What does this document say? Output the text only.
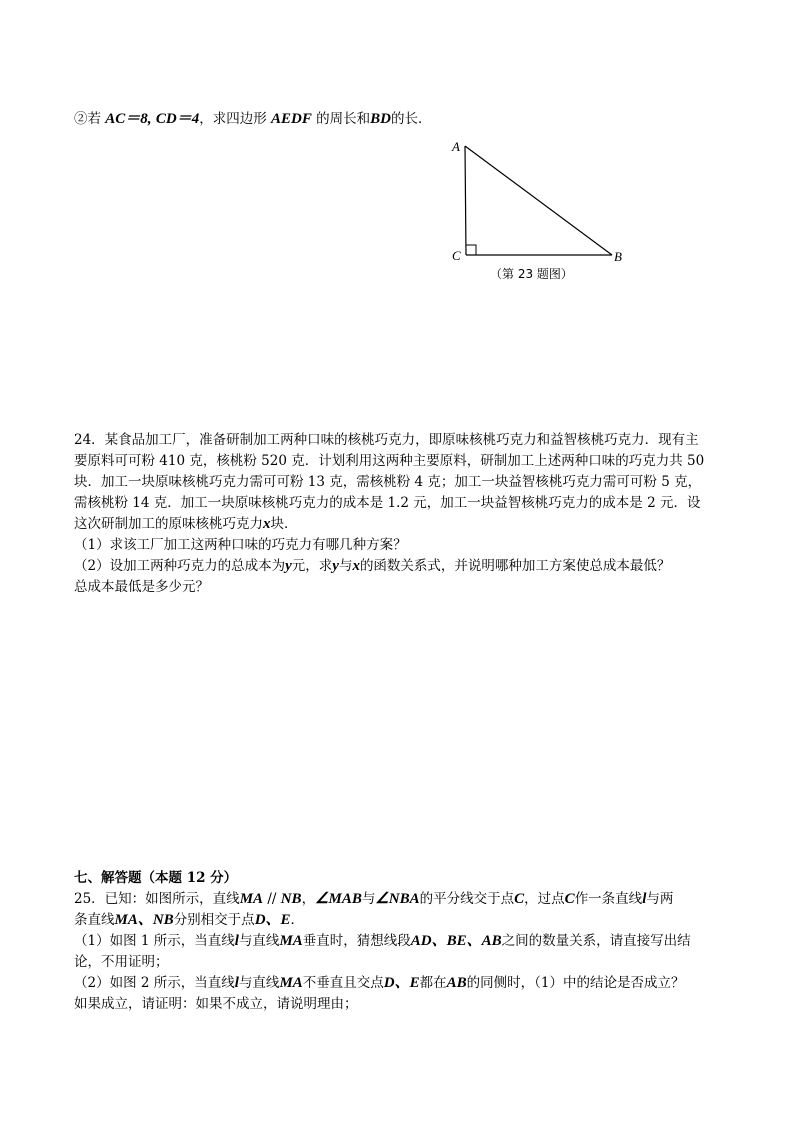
②若 AC＝8, CD＝4，求四边形 AEDF 的周长和BD的长．
A
C	B
（第 23 题图）
24．某食品加工厂，准备研制加工两种口味的核桃巧克力，即原味核桃巧克力和益智核桃巧克力．现有主
要原料可可粉 410 克，核桃粉 520 克．计划利用这两种主要原料，研制加工上述两种口味的巧克力共 50
块．加工一块原味核桃巧克力需可可粉 13 克，需核桃粉 4 克；加工一块益智核桃巧克力需可可粉 5 克，
需核桃粉 14 克．加工一块原味核桃巧克力的成本是 1.2 元，加工一块益智核桃巧克力的成本是 2 元．设
这次研制加工的原味核桃巧克力x块．
（1）求该工厂加工这两种口味的巧克力有哪几种方案？
（2）设加工两种巧克力的总成本为y元，求y与x的函数关系式，并说明哪种加工方案使总成本最低？
总成本最低是多少元？
七、解答题（本题 12 分）
25．已知：如图所示，直线MA // NB，∠MAB与∠NBA的平分线交于点C，过点C作一条直线l与两
条直线MA、NB分别相交于点D、E．
（1）如图 1 所示，当直线l与直线MA垂直时，猜想线段AD、BE、AB之间的数量关系，请直接写出结
论，不用证明；
（2）如图 2 所示，当直线l与直线MA不垂直且交点D、E都在AB的同侧时，（1）中的结论是否成立？
如果成立，请证明：如果不成立，请说明理由；
